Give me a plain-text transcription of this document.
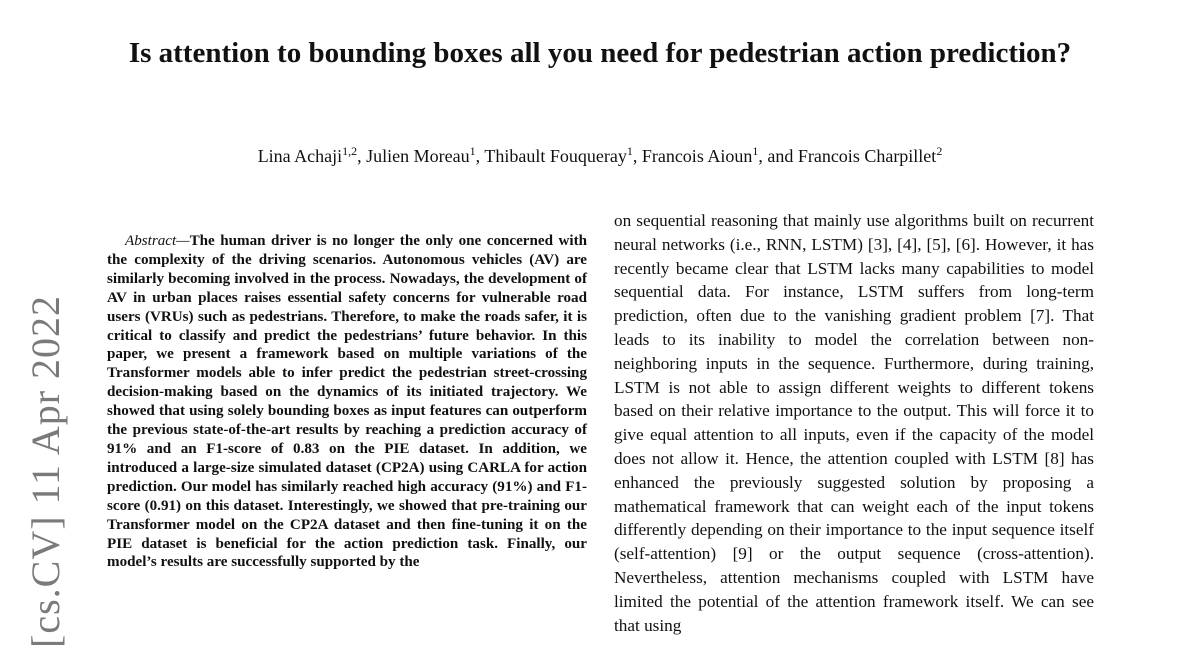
Is attention to bounding boxes all you need for pedestrian action prediction?
Lina Achaji$^{1,2}$, Julien Moreau$^1$, Thibault Fouqueray$^1$, Francois Aioun$^1$, and Francois Charpillet$^2$
[cs.CV] 11 Apr 2022

Abstract—The human driver is no longer the only one concerned with the complexity of the driving scenarios. Autonomous vehicles (AV) are similarly becoming involved in the process. Nowadays, the development of AV in urban places raises essential safety concerns for vulnerable road users (VRUs) such as pedestrians. Therefore, to make the roads safer, it is critical to classify and predict the pedestrians’ future behavior. In this paper, we present a framework based on multiple variations of the Transformer models able to infer predict the pedestrian street-crossing decision-making based on the dynamics of its initiated trajectory. We showed that using solely bounding boxes as input features can outperform the previous state-of-the-art results by reaching a prediction accuracy of 91% and an F1-score of 0.83 on the PIE dataset. In addition, we introduced a large-size simulated dataset (CP2A) using CARLA for action prediction. Our model has similarly reached high accuracy (91%) and F1-score (0.91) on this dataset. Interestingly, we showed that pre-training our Transformer model on the CP2A dataset and then fine-tuning it on the PIE dataset is beneficial for the action prediction task. Finally, our model’s results are successfully supported by the

on sequential reasoning that mainly use algorithms built on recurrent neural networks (i.e., RNN, LSTM) [3], [4], [5], [6]. However, it has recently became clear that LSTM lacks many capabilities to model sequential data. For instance, LSTM suffers from long-term prediction, often due to the vanishing gradient problem [7]. That leads to its inability to model the correlation between non-neighboring inputs in the sequence. Furthermore, during training, LSTM is not able to assign different weights to different tokens based on their relative importance to the output. This will force it to give equal attention to all inputs, even if the capacity of the model does not allow it. Hence, the attention coupled with LSTM [8] has enhanced the previously suggested solution by proposing a mathematical framework that can weight each of the input tokens differently depending on their importance to the input sequence itself (self-attention) [9] or the output sequence (cross-attention). Nevertheless, attention mechanisms coupled with LSTM have limited the potential of the attention framework itself. We can see that using
